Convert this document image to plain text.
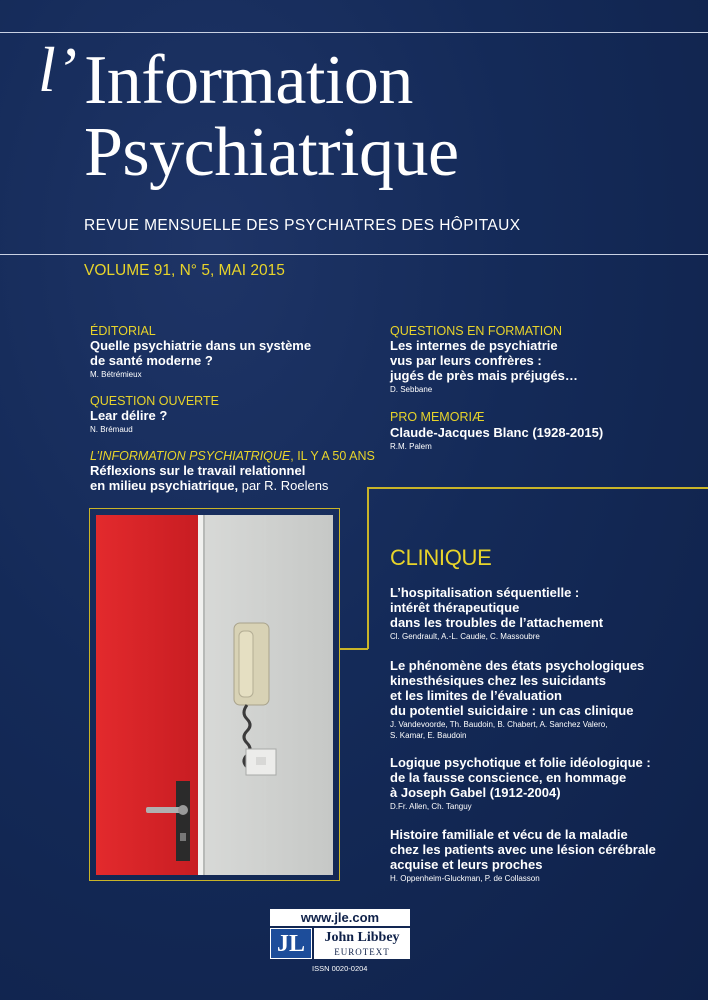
l’ Information
Psychiatrique
REVUE MENSUELLE DES PSYCHIATRES DES HÔPITAUX
VOLUME 91, N° 5, MAI 2015
ÉDITORIAL
Quelle psychiatrie dans un système
de santé moderne ?
M. Bétrémieux
QUESTION OUVERTE
Lear délire ?
N. Brémaud
L’INFORMATION PSYCHIATRIQUE, IL Y A 50 ANS
Réflexions sur le travail relationnel
en milieu psychiatrique, par R. Roelens
QUESTIONS EN FORMATION
Les internes de psychiatrie
vus par leurs confrères :
jugés de près mais préjugés…
D. Sebbane
PRO MEMORIÆ
Claude-Jacques Blanc (1928-2015)
R.M. Palem
CLINIQUE
L’hospitalisation séquentielle :
intérêt thérapeutique
dans les troubles de l’attachement
Cl. Gendrault, A.-L. Caudie, C. Massoubre
Le phénomène des états psychologiques
kinesthésiques chez les suicidants
et les limites de l’évaluation
du potentiel suicidaire : un cas clinique
J. Vandevoorde, Th. Baudoin, B. Chabert, A. Sanchez Valero,
S. Kamar, E. Baudoin
Logique psychotique et folie idéologique :
de la fausse conscience, en hommage
à Joseph Gabel (1912-2004)
D.Fr. Allen, Ch. Tanguy
Histoire familiale et vécu de la maladie
chez les patients avec une lésion cérébrale
acquise et leurs proches
H. Oppenheim-Gluckman, P. de Collasson
www.jle.com
JL	John Libbey
EUROTEXT
ISSN 0020-0204
